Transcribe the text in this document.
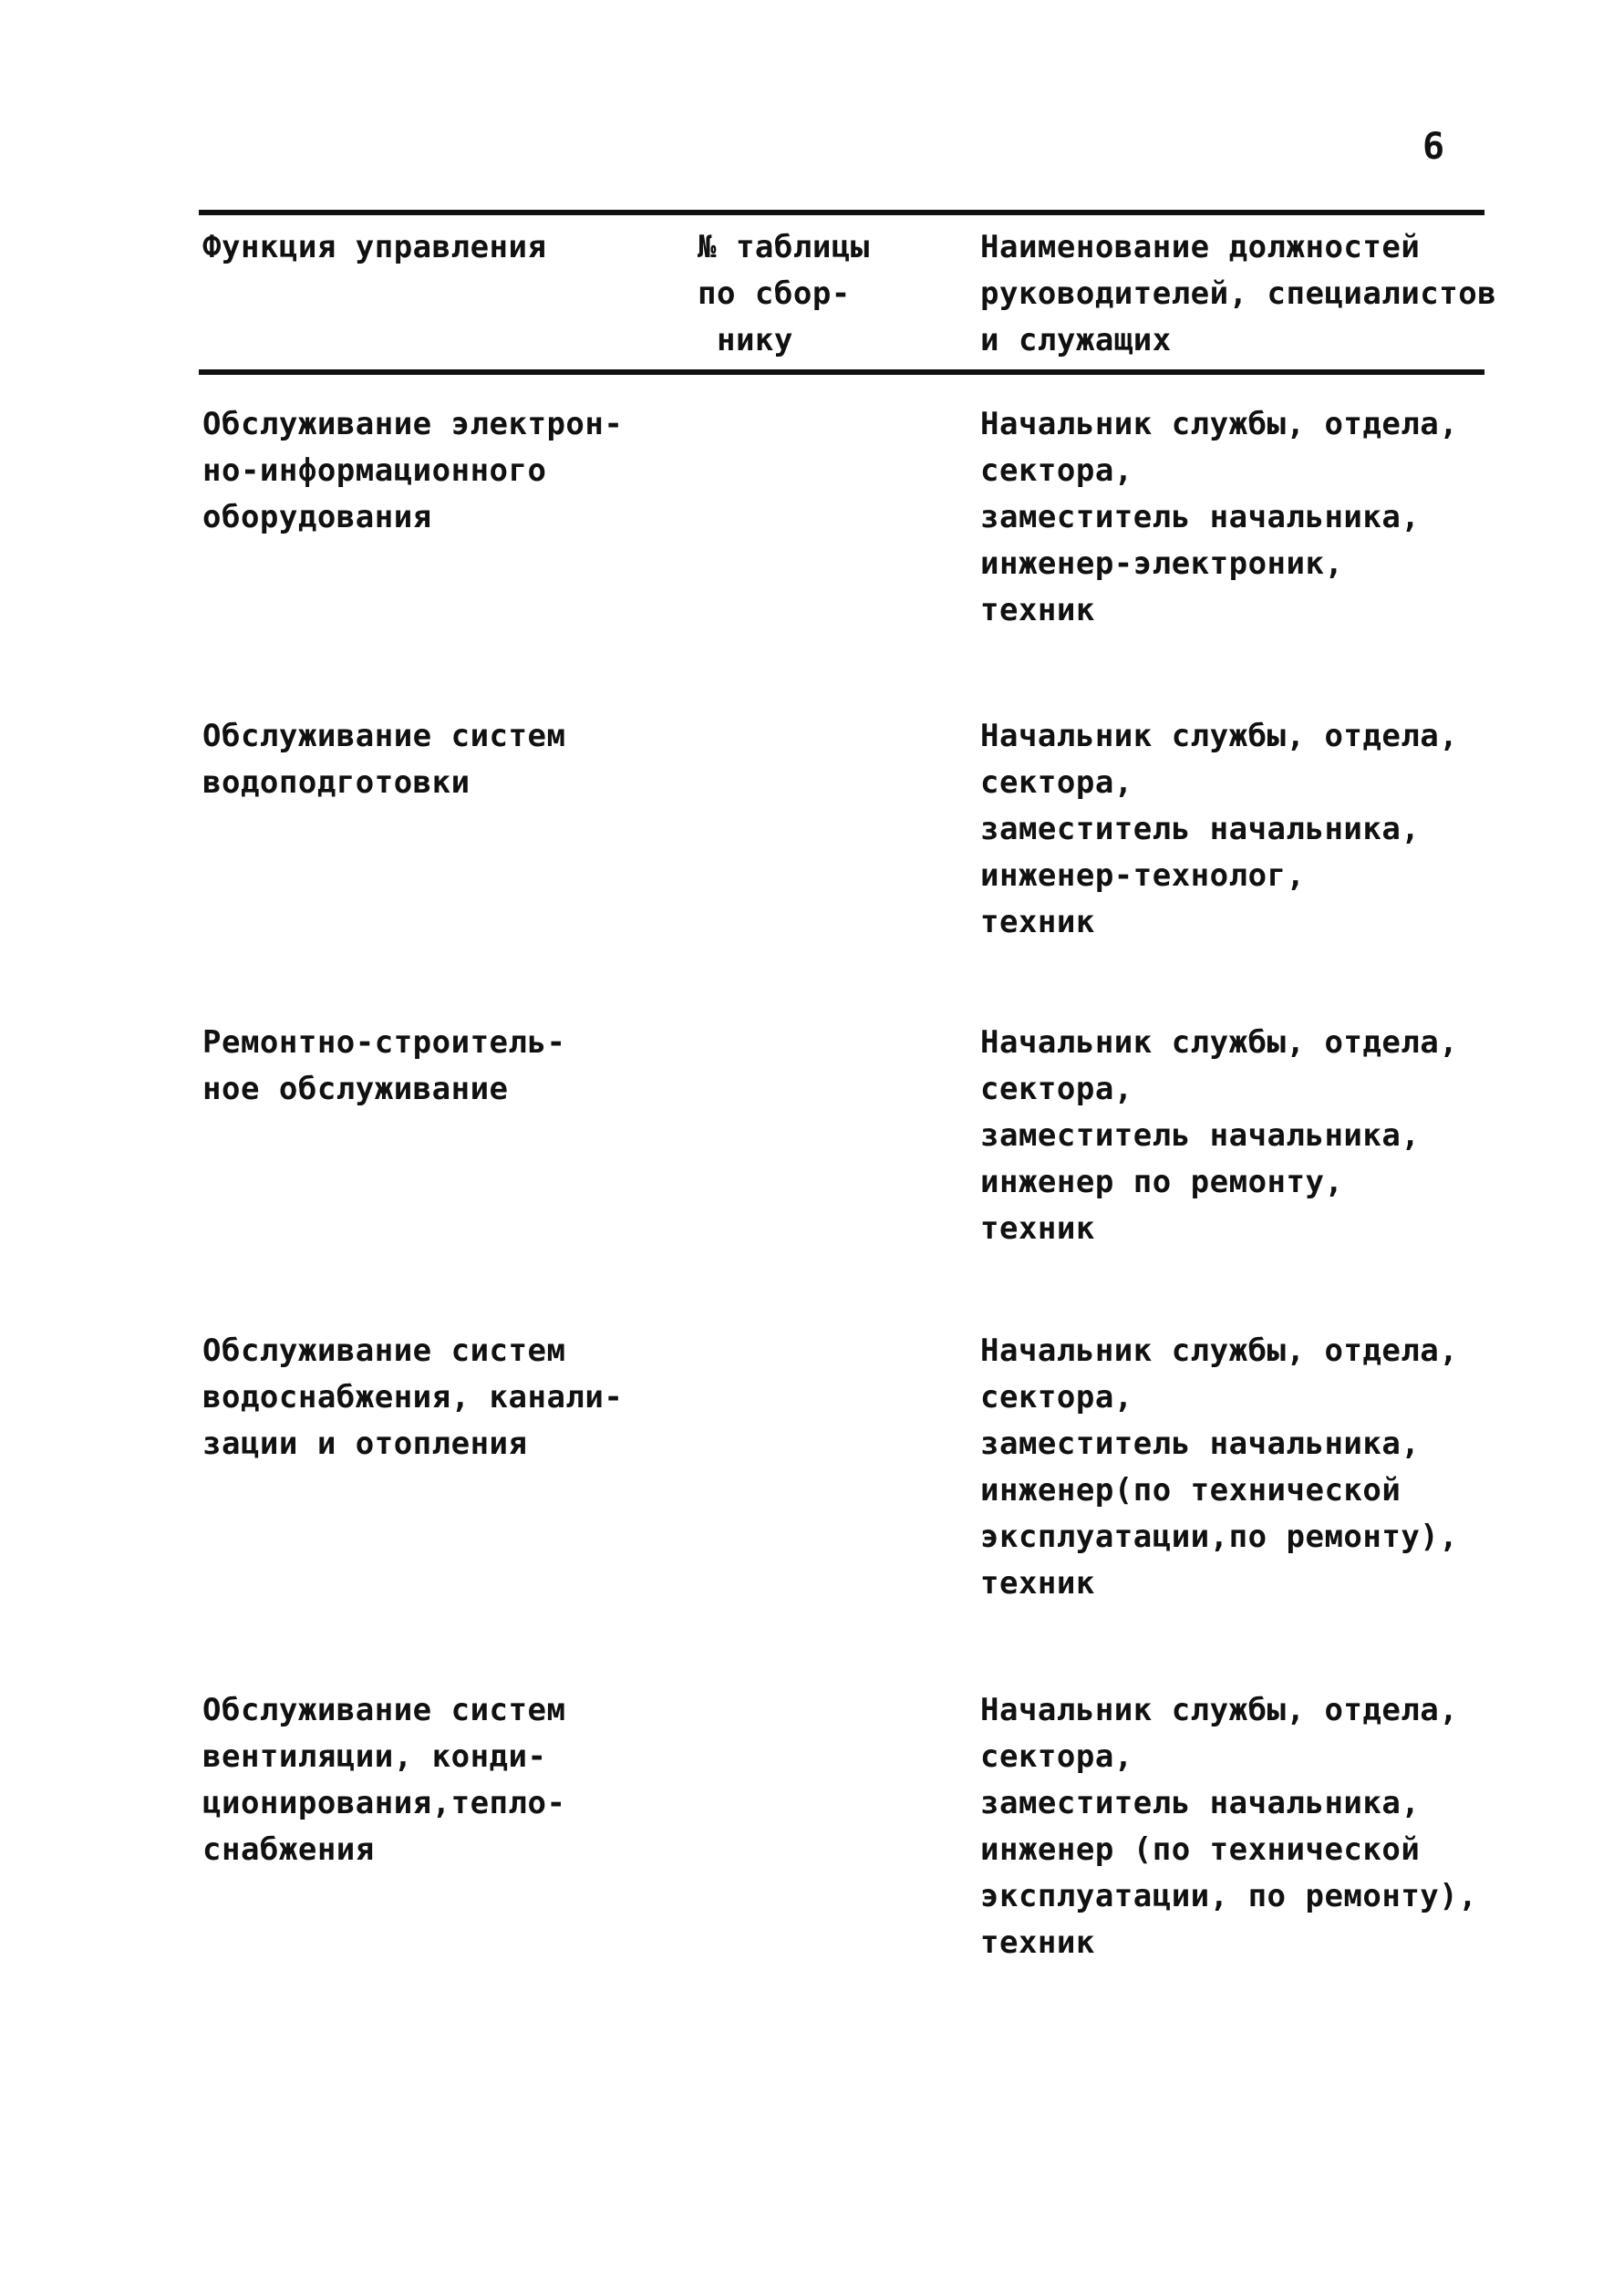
6
Функция управления	№ таблицы
по сбор-
нику
Наименование должностей
руководителей, специалистов
и служащих
Обслуживание электрон-
но-информационного
оборудования
Начальник службы, отдела,
сектора,
заместитель начальника,
инженер-электроник,
техник
Обслуживание систем
водоподготовки
Начальник службы, отдела,
сектора,
заместитель начальника,
инженер-технолог,
техник
Ремонтно-строитель-
ное обслуживание
Начальник службы, отдела,
сектора,
заместитель начальника,
инженер по ремонту,
техник
Обслуживание систем
водоснабжения, канали-
зации и отопления
Начальник службы, отдела,
сектора,
заместитель начальника,
инженер(по технической
эксплуатации,по ремонту),
техник
Обслуживание систем
вентиляции, конди-
ционирования,тепло-
снабжения
Начальник службы, отдела,
сектора,
заместитель начальника,
инженер (по технической
эксплуатации, по ремонту),
техник
